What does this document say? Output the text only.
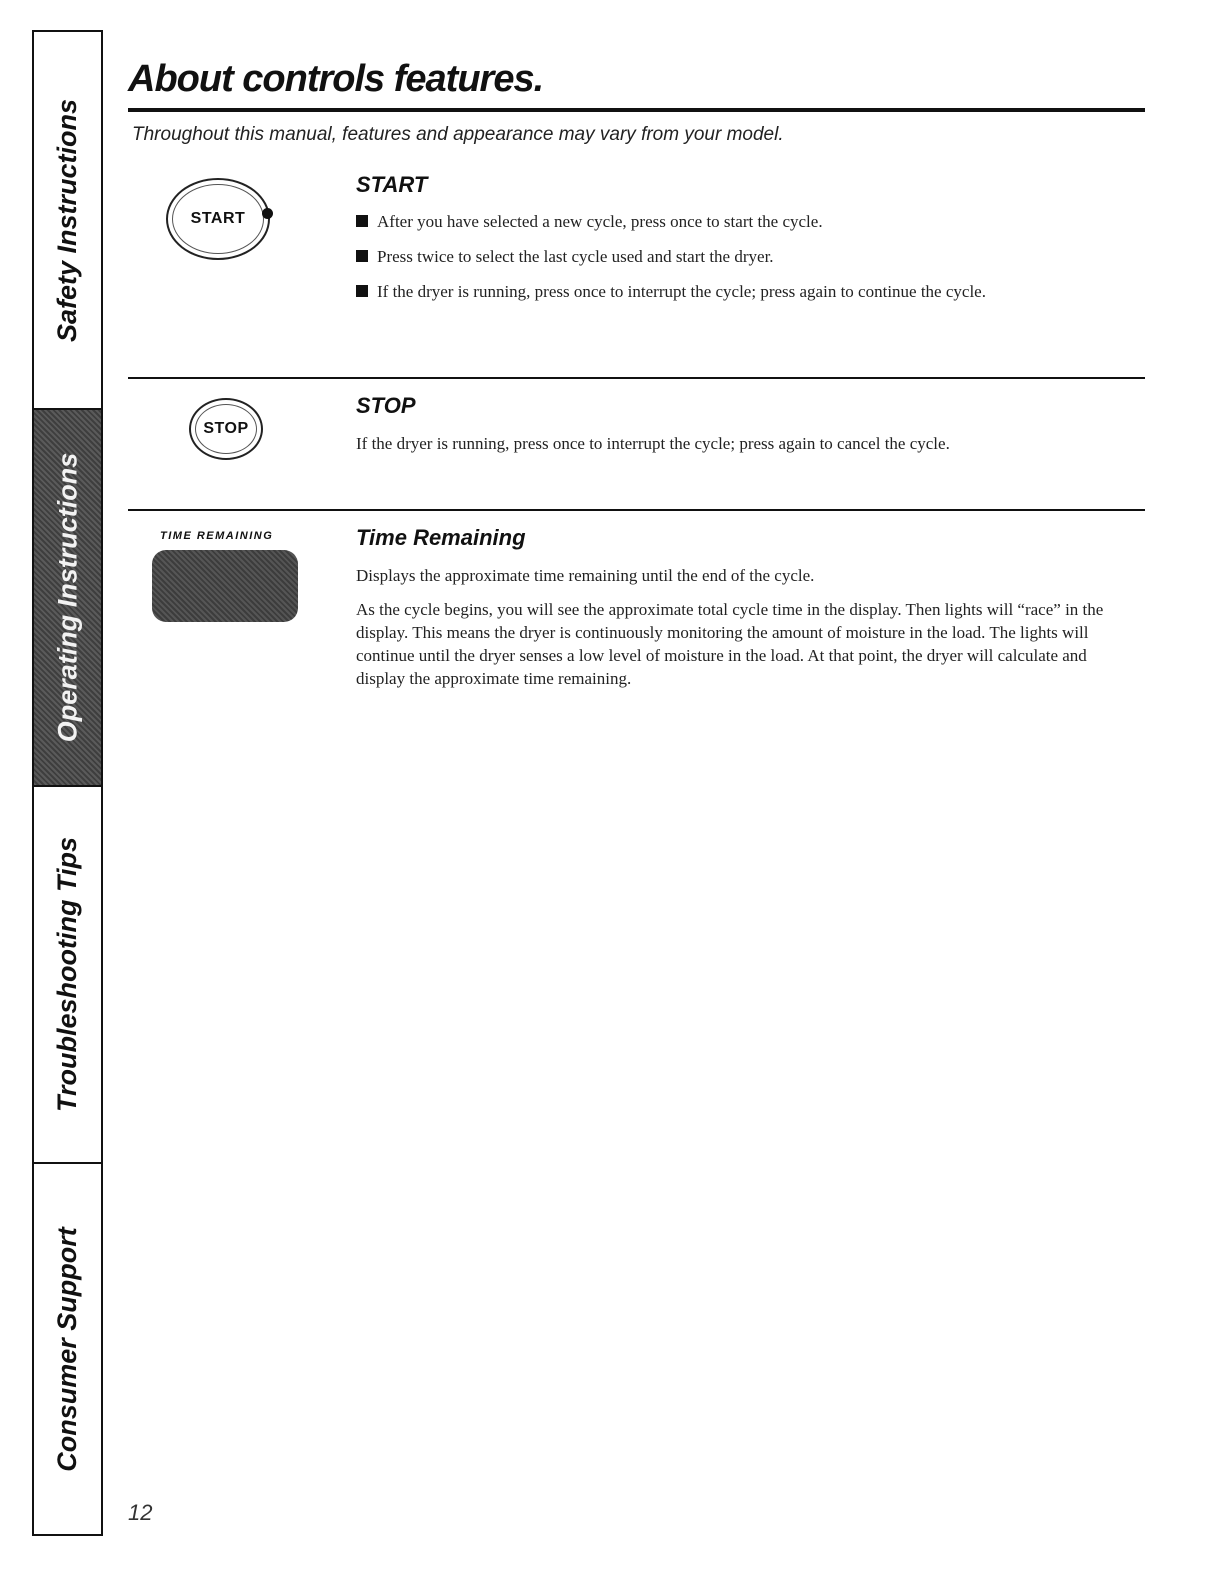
Safety Instructions
Operating Instructions
Troubleshooting Tips
Consumer Support
About controls features.
Throughout this manual, features and appearance may vary from your model.
START
START
After you have selected a new cycle, press once to start the cycle.
Press twice to select the last cycle used and start the dryer.
If the dryer is running, press once to interrupt the cycle; press again to continue the cycle.
STOP
STOP

If the dryer is running, press once to interrupt the cycle; press again to cancel the cycle.

TIME REMAINING	Time Remaining

Displays the approximate time remaining until the end of the cycle.

As the cycle begins, you will see the approximate total cycle time in the display. Then lights will “race” in the display. This means the dryer is continuously monitoring the amount of moisture in the load. The lights will continue until the dryer senses a low level of moisture in the load. At that point, the dryer will calculate and display the approximate time remaining.

12
